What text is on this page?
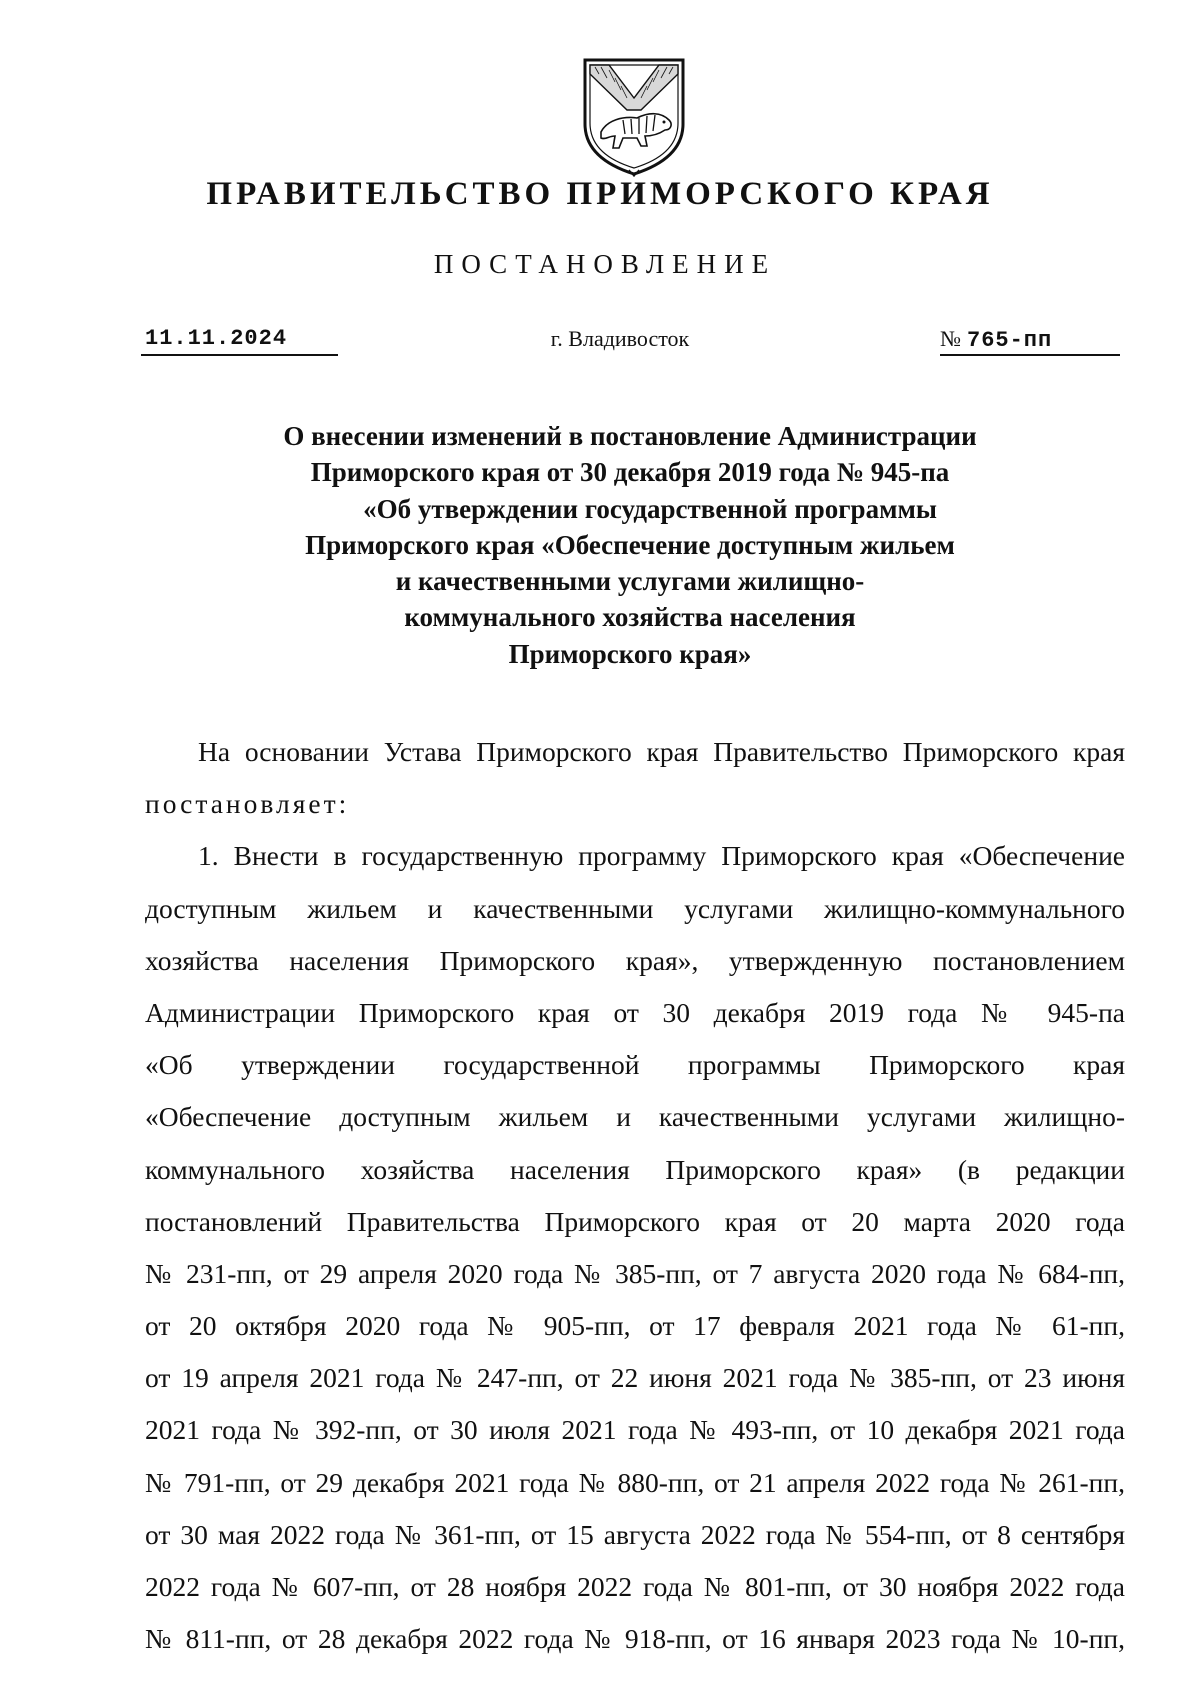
ПРАВИТЕЛЬСТВО ПРИМОРСКОГО КРАЯ
ПОСТАНОВЛЕНИЕ
11.11.2024	г. Владивосток	№ 765-пп
О внесении изменений в постановление Администрации
Приморского края от 30 декабря 2019 года № 945-па
«Об утверждении государственной программы
Приморского края «Обеспечение доступным жильем
и качественными услугами жилищно-
коммунального хозяйства населения
Приморского края»
На основании Устава Приморского края Правительство Приморского края
постановляет:
1. Внести в государственную программу Приморского края «Обеспечение
доступным жильем и качественными услугами жилищно-коммунального
хозяйства населения Приморского края», утвержденную постановлением
Администрации Приморского края от 30 декабря 2019 года № 945-па
«Об утверждении государственной программы Приморского края
«Обеспечение доступным жильем и качественными услугами жилищно-
коммунального хозяйства населения Приморского края» (в редакции
постановлений Правительства Приморского края от 20 марта 2020 года
№ 231-пп, от 29 апреля 2020 года № 385-пп, от 7 августа 2020 года № 684-пп,
от 20 октября 2020 года № 905-пп, от 17 февраля 2021 года № 61-пп,
от 19 апреля 2021 года № 247-пп, от 22 июня 2021 года № 385-пп, от 23 июня
2021 года № 392-пп, от 30 июля 2021 года № 493-пп, от 10 декабря 2021 года
№ 791-пп, от 29 декабря 2021 года № 880-пп, от 21 апреля 2022 года № 261-пп,
от 30 мая 2022 года № 361-пп, от 15 августа 2022 года № 554-пп, от 8 сентября
2022 года № 607-пп, от 28 ноября 2022 года № 801-пп, от 30 ноября 2022 года
№ 811-пп, от 28 декабря 2022 года № 918-пп, от 16 января 2023 года № 10-пп,
